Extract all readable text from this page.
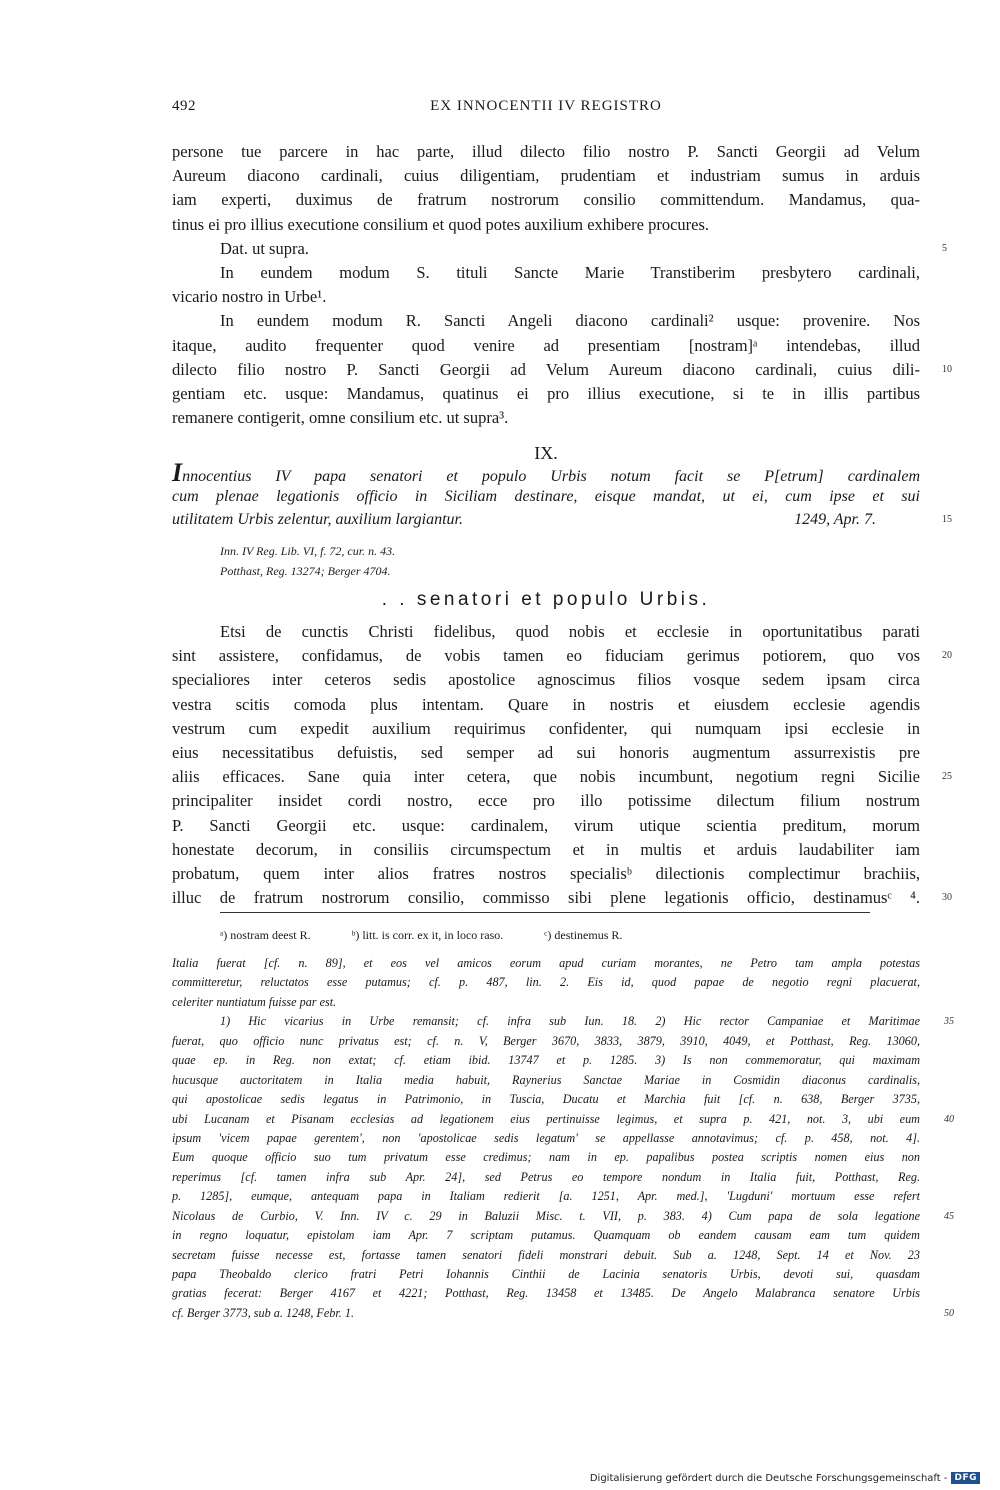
492	EX INNOCENTII IV REGISTRO
persone tue parcere in hac parte, illud dilecto filio nostro P. Sancti Georgii ad Velum
Aureum diacono cardinali, cuius diligentiam, prudentiam et industriam sumus in arduis
iam experti, duximus de fratrum nostrorum consilio committendum. Mandamus, qua-
tinus ei pro illius executione consilium et quod potes auxilium exhibere procures.
Dat. ut supra.	5
In eundem modum S. tituli Sancte Marie Transtiberim presbytero cardinali,
vicario nostro in Urbe¹.
In eundem modum R. Sancti Angeli diacono cardinali² usque: provenire. Nos
itaque, audito frequenter quod venire ad presentiam [nostram]ᵃ intendebas, illud
dilecto filio nostro P. Sancti Georgii ad Velum Aureum diacono cardinali, cuius dili- 10
gentiam etc. usque: Mandamus, quatinus ei pro illius executione, si te in illis partibus
remanere contigerit, omne consilium etc. ut supra³.
IX.
Innocentius IV papa senatori et populo Urbis notum facit se P[etrum] cardinalem
cum plenae legationis officio in Siciliam destinare, eisque mandat, ut ei, cum ipse et sui
utilitatem Urbis zelentur, auxilium largiantur.	1249, Apr. 7.	15
Inn. IV Reg. Lib. VI, f. 72, cur. n. 43.
Potthast, Reg. 13274; Berger 4704.
. . senatori et populo Urbis.
Etsi de cunctis Christi fidelibus, quod nobis et ecclesie in oportunitatibus parati
sint assistere, confidamus, de vobis tamen eo fiduciam gerimus potiorem, quo vos 20
specialiores inter ceteros sedis apostolice agnoscimus filios vosque sedem ipsam circa
vestra scitis comoda plus intentam. Quare in nostris et eiusdem ecclesie agendis
vestrum cum expedit auxilium requirimus confidenter, qui numquam ipsi ecclesie in
eius necessitatibus defuistis, sed semper ad sui honoris augmentum assurrexistis pre
aliis efficaces. Sane quia inter cetera, que nobis incumbunt, negotium regni Sicilie 25
principaliter insidet cordi nostro, ecce pro illo potissime dilectum filium nostrum
P. Sancti Georgii etc. usque: cardinalem, virum utique scientia preditum, morum
honestate decorum, in consiliis circumspectum et in multis et arduis laudabiliter iam
probatum, quem inter alios fratres nostros specialisᵇ dilectionis complectimur brachiis,
illuc de fratrum nostrorum consilio, commisso sibi plene legationis officio, destinamusᶜ ⁴. 30
ᵃ) nostram deest R.	ᵇ) litt. is corr. ex it, in loco raso.	ᶜ) destinemus R.
Italia fuerat [cf. n. 89], et eos vel amicos eorum apud curiam morantes, ne Petro tam ampla potestas
committeretur, reluctatos esse putamus; cf. p. 487, lin. 2. Eis id, quod papae de negotio regni placuerat,
celeriter nuntiatum fuisse par est.
1) Hic vicarius in Urbe remansit; cf. infra sub Iun. 18. 2) Hic rector Campaniae et Maritimae 35
fuerat, quo officio nunc privatus est; cf. n. V, Berger 3670, 3833, 3879, 3910, 4049, et Potthast, Reg. 13060,
quae ep. in Reg. non extat; cf. etiam ibid. 13747 et p. 1285. 3) Is non commemoratur, qui maximam
hucusque auctoritatem in Italia media habuit, Raynerius Sanctae Mariae in Cosmidin diaconus cardinalis,
qui apostolicae sedis legatus in Patrimonio, in Tuscia, Ducatu et Marchia fuit [cf. n. 638, Berger 3735,
ubi Lucanam et Pisanam ecclesias ad legationem eius pertinuisse legimus, et supra p. 421, not. 3, ubi eum 40
ipsum 'vicem papae gerentem', non 'apostolicae sedis legatum' se appellasse annotavimus; cf. p. 458, not. 4].
Eum quoque officio suo tum privatum esse credimus; nam in ep. papalibus postea scriptis nomen eius non
reperimus [cf. tamen infra sub Apr. 24], sed Petrus eo tempore nondum in Italia fuit, Potthast, Reg.
p. 1285], eumque, antequam papa in Italiam redierit [a. 1251, Apr. med.], 'Lugduni' mortuum esse refert
Nicolaus de Curbio, V. Inn. IV c. 29 in Baluzii Misc. t. VII, p. 383. 4) Cum papa de sola legatione 45
in regno loquatur, epistolam iam Apr. 7 scriptam putamus. Quamquam ob eandem causam eam tum quidem
secretam fuisse necesse est, fortasse tamen senatori fideli monstrari debuit. Sub a. 1248, Sept. 14 et Nov. 23
papa Theobaldo clerico fratri Petri Iohannis Cinthii de Lacinia senatoris Urbis, devoti sui, quasdam
gratias fecerat: Berger 4167 et 4221; Potthast, Reg. 13458 et 13485. De Angelo Malabranca senatore Urbis
cf. Berger 3773, sub a. 1248, Febr. 1.	50
Digitalisierung gefördert durch die Deutsche Forschungsgemeinschaft - DFG
